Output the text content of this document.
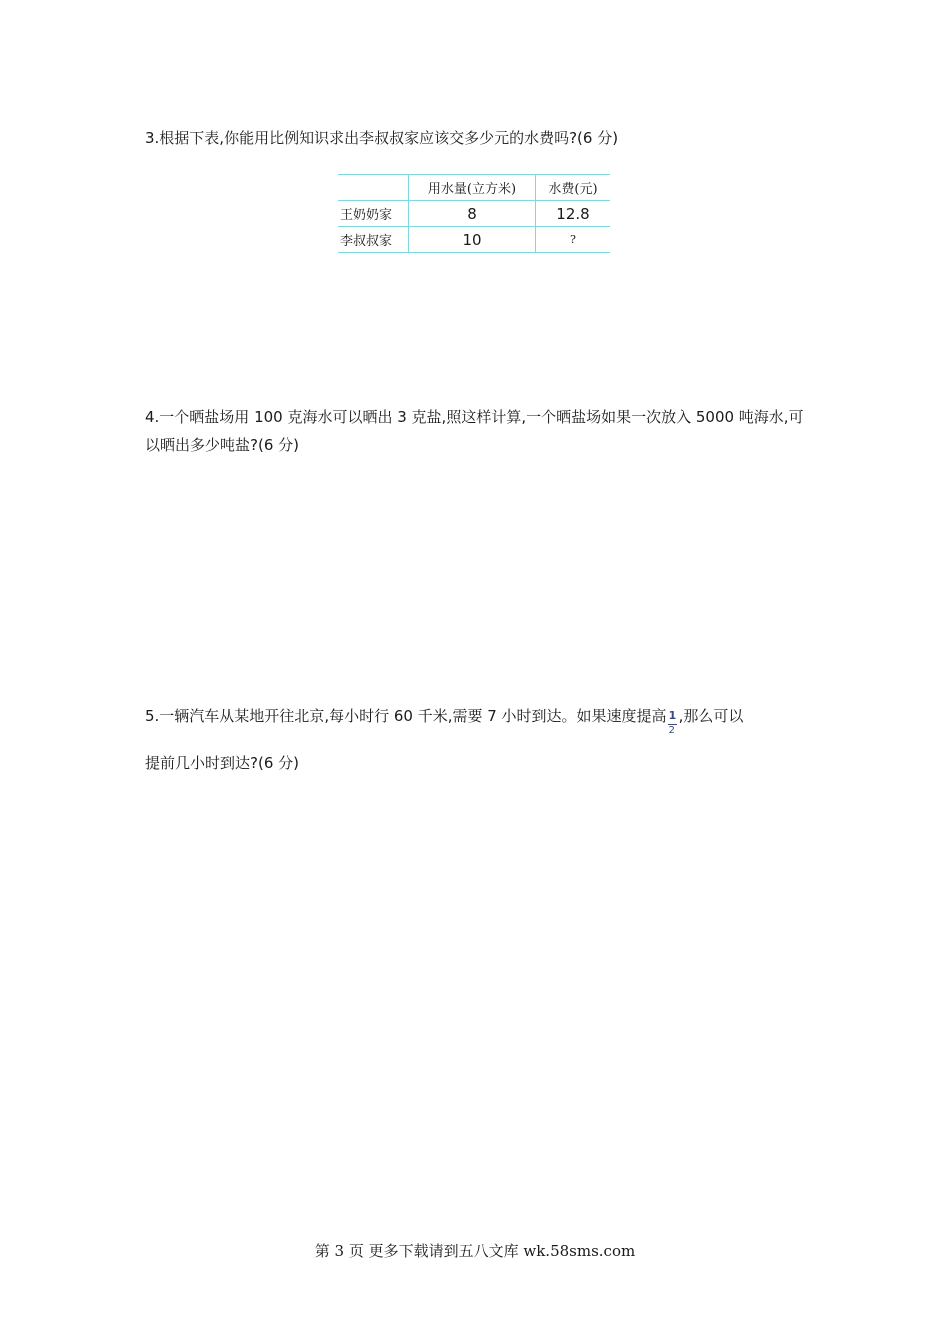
3.根据下表,你能用比例知识求出李叔叔家应该交多少元的水费吗?(6 分)
	用水量(立方米)	水费(元)
王奶奶家	8	12.8
李叔叔家	10	?
4.一个晒盐场用 100 克海水可以晒出 3 克盐,照这样计算,一个晒盐场如果一次放入 5000 吨海水,可以晒出多少吨盐?(6 分)
5.一辆汽车从某地开往北京,每小时行 60 千米,需要 7 小时到达。如果速度提高 $\frac{1}{2}$ ,那么可以
提前几小时到达?(6 分)
第 3 页 更多下载请到五八文库 wk.58sms.com
